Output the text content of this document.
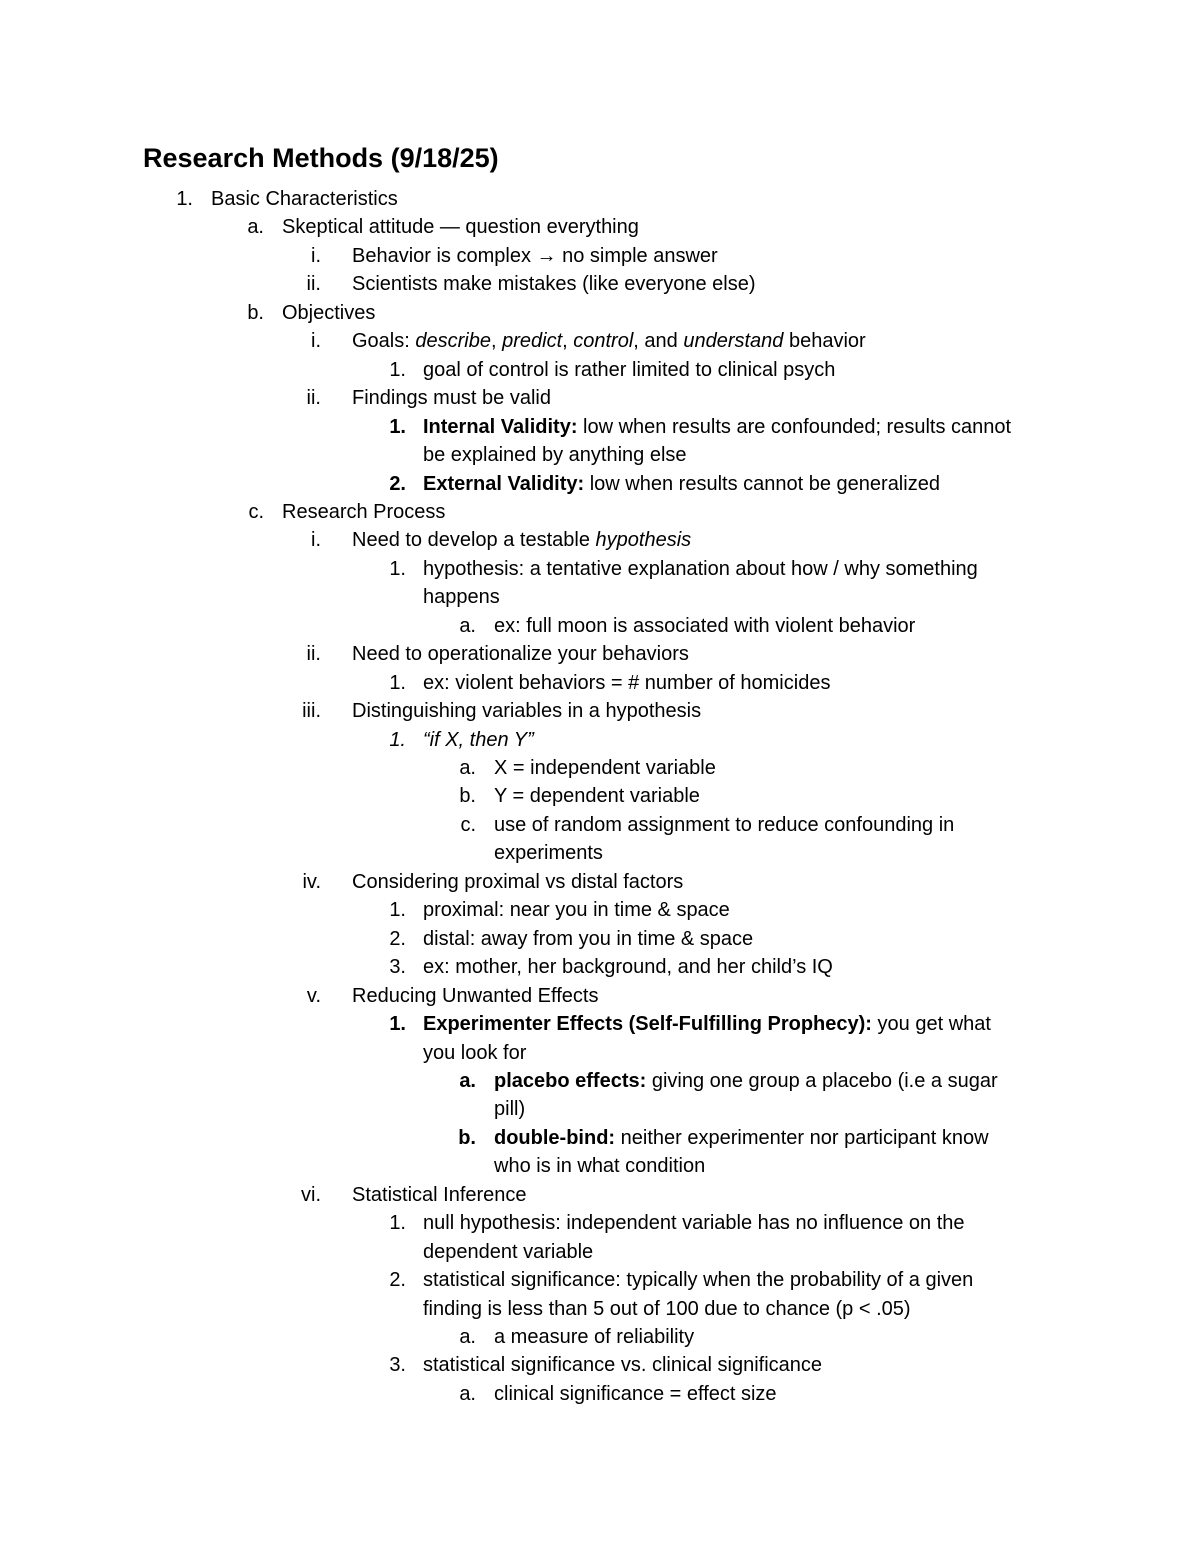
Research Methods (9/18/25)
1. Basic Characteristics
a. Skeptical attitude — question everything
i. Behavior is complex → no simple answer
ii. Scientists make mistakes (like everyone else)
b. Objectives
i. Goals: describe, predict, control, and understand behavior
1. goal of control is rather limited to clinical psych
ii. Findings must be valid
1. Internal Validity: low when results are confounded; results cannot
be explained by anything else
2. External Validity: low when results cannot be generalized
c. Research Process
i. Need to develop a testable hypothesis
1. hypothesis: a tentative explanation about how / why something
happens
a. ex: full moon is associated with violent behavior
ii. Need to operationalize your behaviors
1. ex: violent behaviors = # number of homicides
iii. Distinguishing variables in a hypothesis
1. “if X, then Y”
a. X = independent variable
b. Y = dependent variable
c. use of random assignment to reduce confounding in
experiments
iv. Considering proximal vs distal factors
1. proximal: near you in time & space
2. distal: away from you in time & space
3. ex: mother, her background, and her child’s IQ
v. Reducing Unwanted Effects
1. Experimenter Effects (Self-Fulfilling Prophecy): you get what
you look for
a. placebo effects: giving one group a placebo (i.e a sugar
pill)
b. double-bind: neither experimenter nor participant know
who is in what condition
vi. Statistical Inference
1. null hypothesis: independent variable has no influence on the
dependent variable
2. statistical significance: typically when the probability of a given
finding is less than 5 out of 100 due to chance (p < .05)
a. a measure of reliability
3. statistical significance vs. clinical significance
a. clinical significance = effect size
